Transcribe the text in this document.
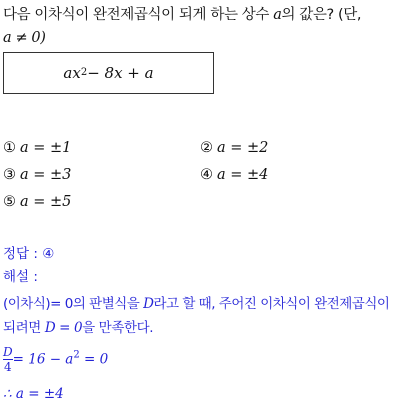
다음 이차식이 완전제곱식이 되게 하는 상수 a의 값은? (단,
a ≠ 0)
ax 2 − 8x + a
① a = ±1	② a = ±2
③ a = ±3	④ a = ±4
⑤ a = ±5
정답 : ④
해설 :
(이차식)= 0의 판별식을 D라고 할 때, 주어진 이차식이 완전제곱식이
되려면 D = 0을 만족한다.
$\frac{D}{4} = 16 - a^2 = 0$
∴ a = ±4
